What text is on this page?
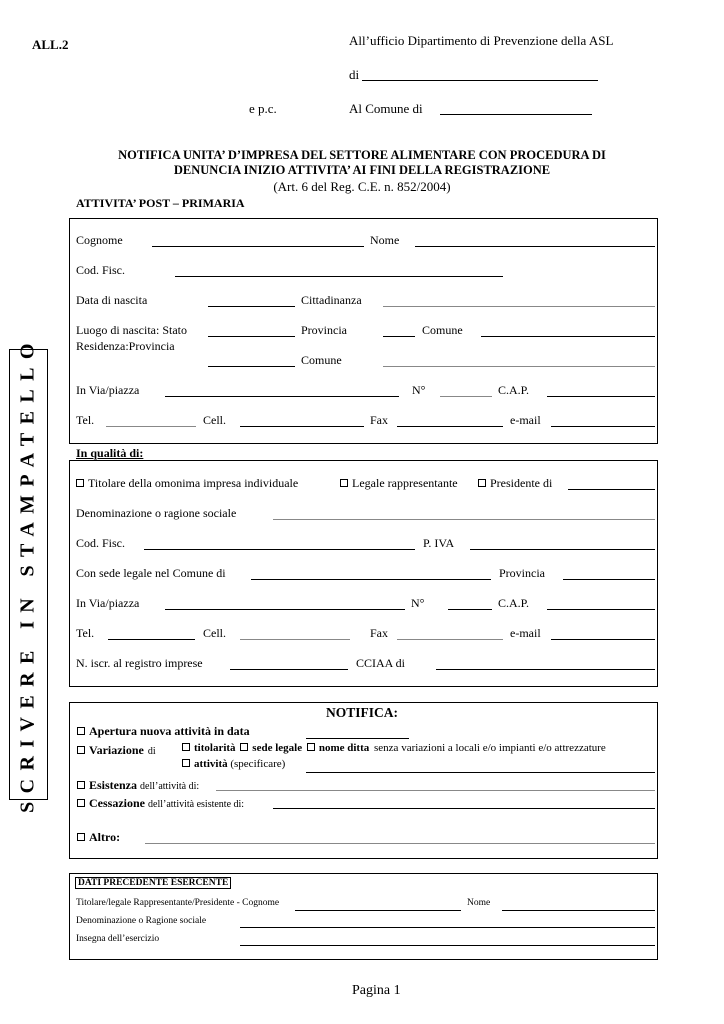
ALL.2	All’ufficio Dipartimento di Prevenzione della ASL
di
e p.c.	Al Comune di
NOTIFICA UNITA’ D’IMPRESA DEL SETTORE ALIMENTARE CON PROCEDURA DI
DENUNCIA INIZIO ATTIVITA’ AI FINI DELLA REGISTRAZIONE
(Art. 6 del Reg. C.E. n. 852/2004)
ATTIVITA’ POST – PRIMARIA
SCRIVERE IN STAMPATELLO
Cognome	Nome
Cod. Fisc.
Data di nascita	Cittadinanza
Luogo di nascita: Stato	Provincia	Comune
Residenza:Provincia
Comune
In Via/piazza	N°	C.A.P.
Tel.	Cell.	Fax	e-mail
In qualità di:
Titolare della omonima impresa individuale	Legale rappresentante	Presidente di
Denominazione o ragione sociale
Cod. Fisc.	P. IVA
Con sede legale nel Comune di	Provincia
In Via/piazza	N°	C.A.P.
Tel.	Cell.	Fax	e-mail
N. iscr. al registro imprese	CCIAA di
NOTIFICA:
Apertura nuova attività in data
Variazione di	titolarità sede legale nome ditta senza variazioni a locali e/o impianti e/o attrezzature
attività (specificare)
Esistenza dell’attività di:
Cessazione dell’attività esistente di:
Altro:
DATI PRECEDENTE ESERCENTE
Titolare/legale Rappresentante/Presidente - Cognome	Nome
Denominazione o Ragione sociale
Insegna dell’esercizio
Pagina 1
